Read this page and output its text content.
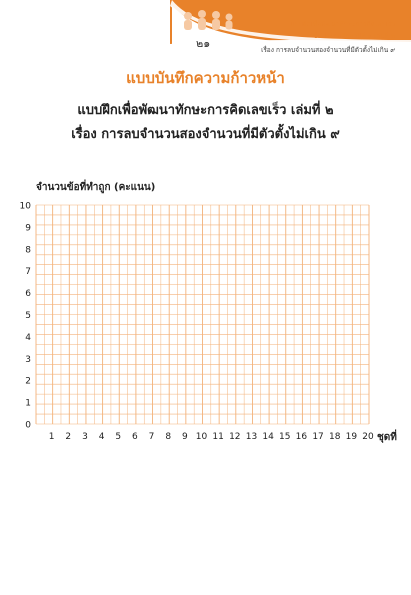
๒๑
แบบฝึกเพื่อพัฒนาทักษะการคิดเลขเร็ว
ชั้นประถมศึกษาปีที่ ๑ เล่มที่ ๒
เรื่อง การลบจำนวนสองจำนวนที่มีตัวตั้งไม่เกิน ๙
แบบบันทึกความก้าวหน้า
แบบฝึกเพื่อพัฒนาทักษะการคิดเลขเร็ว เล่มที่ ๒
เรื่อง การลบจำนวนสองจำนวนที่มีตัวตั้งไม่เกิน ๙
จำนวนข้อที่ทำถูก (คะแนน)
0
1
2
3
4
5
6
7
8
9
10
1 2 3 4 5 6 7 8 9 10 11 12 13 14 15 16 17 18 19 20 ชุดที่
